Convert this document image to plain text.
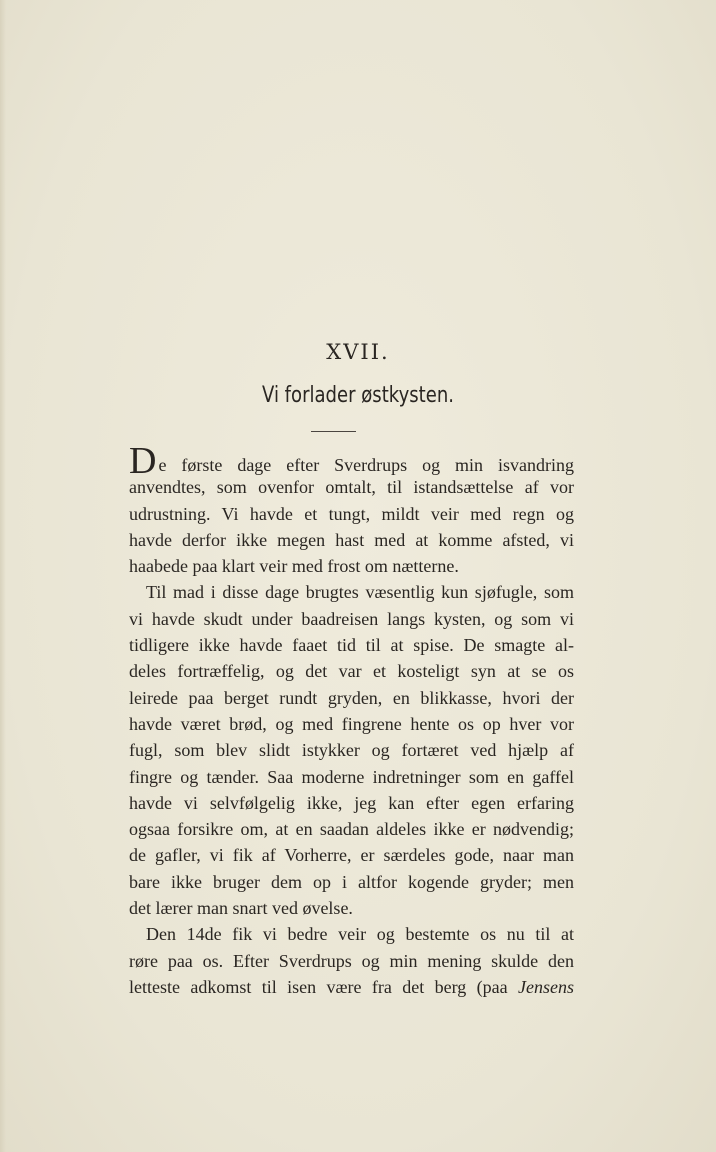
XVII.
Vi forlader østkysten.
De første dage efter Sverdrups og min isvandring
anvendtes, som ovenfor omtalt, til istandsættelse af vor
udrustning. Vi havde et tungt, mildt veir med regn og
havde derfor ikke megen hast med at komme afsted, vi
haabede paa klart veir med frost om nætterne.
Til mad i disse dage brugtes væsentlig kun sjøfugle, som
vi havde skudt under baadreisen langs kysten, og som vi
tidligere ikke havde faaet tid til at spise. De smagte al-
deles fortræffelig, og det var et kosteligt syn at se os
leirede paa berget rundt gryden, en blikkasse, hvori der
havde været brød, og med fingrene hente os op hver vor
fugl, som blev slidt istykker og fortæret ved hjælp af
fingre og tænder. Saa moderne indretninger som en gaffel
havde vi selvfølgelig ikke, jeg kan efter egen erfaring
ogsaa forsikre om, at en saadan aldeles ikke er nødvendig;
de gafler, vi fik af Vorherre, er særdeles gode, naar man
bare ikke bruger dem op i altfor kogende gryder; men
det lærer man snart ved øvelse.
Den 14de fik vi bedre veir og bestemte os nu til at
røre paa os. Efter Sverdrups og min mening skulde den
letteste adkomst til isen være fra det berg (paa Jensens
